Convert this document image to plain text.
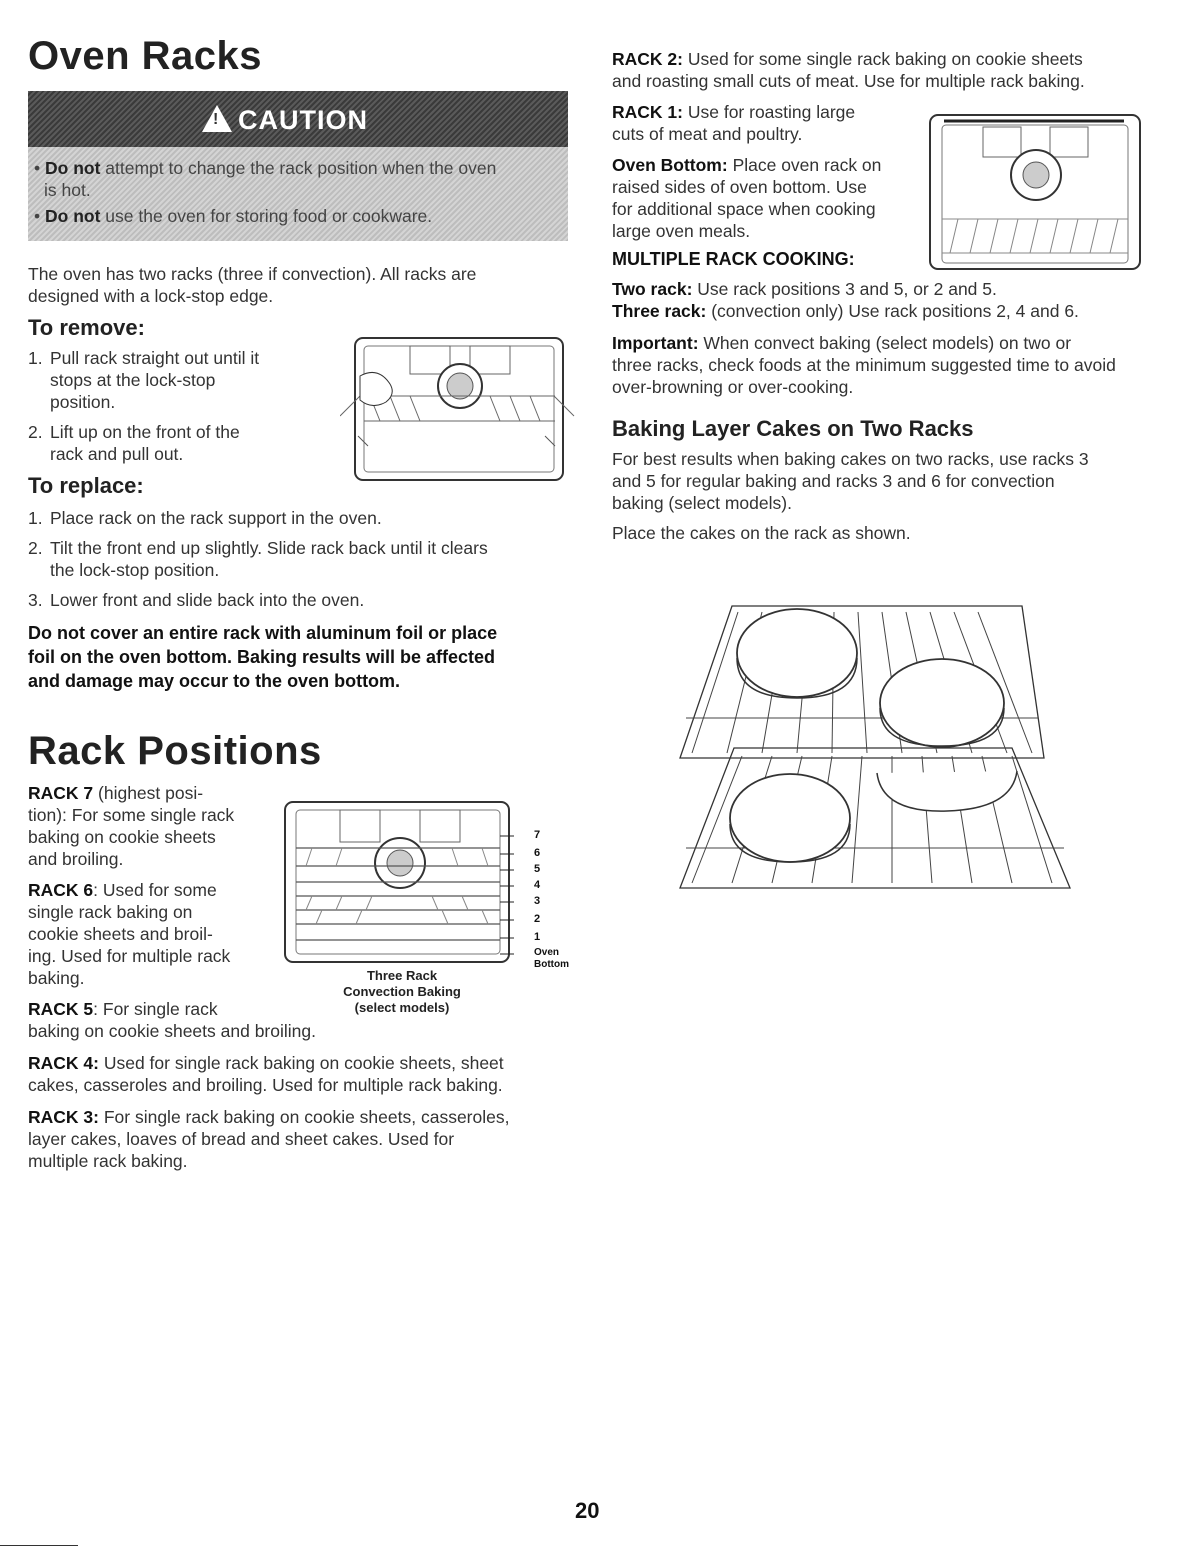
Oven Racks
! CAUTION
• Do not attempt to change the rack position when the oven
is hot.
• Do not use the oven for storing food or cookware.

The oven has two racks (three if convection). All racks are

designed with a lock-stop edge.

To remove:
1. Pull rack straight out until it
stops at the lock-stop
position.
2. Lift up on the front of the
rack and pull out.
To replace:
1. Place rack on the rack support in the oven.
2. Tilt the front end up slightly. Slide rack back until it clears
the lock-stop position.
3. Lower front and slide back into the oven.

Do not cover an entire rack with aluminum foil or place

foil on the oven bottom. Baking results will be affected

and damage may occur to the oven bottom.

Rack Positions

RACK 7 (highest posi-

tion): For some single rack

baking on cookie sheets

and broiling.

RACK 6: Used for some

single rack baking on

cookie sheets and broil-

ing. Used for multiple rack

baking.

RACK 5: For single rack

baking on cookie sheets and broiling.

RACK 4: Used for single rack baking on cookie sheets, sheet

cakes, casseroles and broiling. Used for multiple rack baking.

RACK 3: For single rack baking on cookie sheets, casseroles,

layer cakes, loaves of bread and sheet cakes. Used for

multiple rack baking.

7
6
5
4
3
2
1
Oven
Bottom
Three Rack
Convection Baking
(select models)

RACK 2: Used for some single rack baking on cookie sheets

and roasting small cuts of meat. Use for multiple rack baking.

RACK 1: Use for roasting large

cuts of meat and poultry.

Oven Bottom: Place oven rack on

raised sides of oven bottom. Use

for additional space when cooking

large oven meals.

MULTIPLE RACK COOKING:

Two rack: Use rack positions 3 and 5, or 2 and 5.

Three rack: (convection only) Use rack positions 2, 4 and 6.

Important: When convect baking (select models) on two or

three racks, check foods at the minimum suggested time to avoid

over-browning or over-cooking.

Baking Layer Cakes on Two Racks

For best results when baking cakes on two racks, use racks 3

and 5 for regular baking and racks 3 and 6 for convection

baking (select models).

Place the cakes on the rack as shown.

20
